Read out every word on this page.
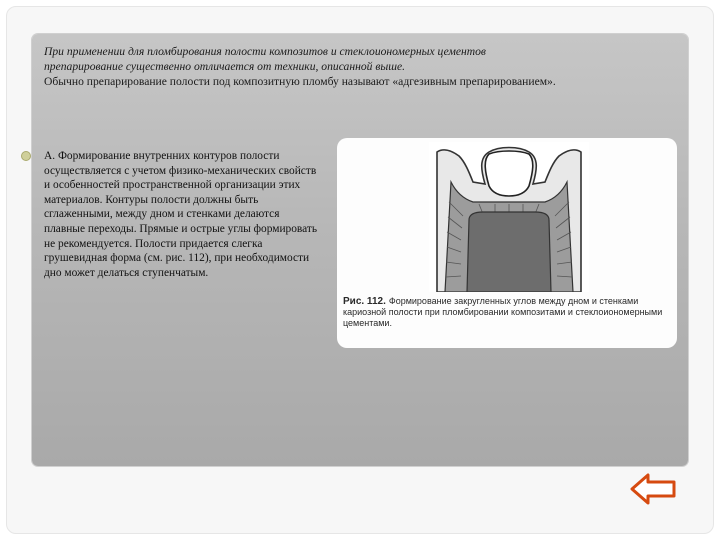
При применении для пломбирования полости композитов и стеклоиономерных цементов
препарирование существенно отличается от техники, описанной выше.
Обычно препарирование полости под композитную пломбу называют «адгезивным препарированием».
А. Формирование внутренних контуров полости осуществляется с учетом физико-механических свойств и особенностей пространственной организации этих материалов. Контуры полости должны быть сглаженными, между дном и стенками делаются плавные переходы. Прямые и острые углы формировать не рекомендуется. Полости придается слегка грушевидная форма (см. рис. 112), при необходимости дно может делаться ступенчатым.
Рис. 112. Формирование закругленных углов между дном и стенками кариозной полости при пломбировании композитами и стеклоиономерными цементами.
